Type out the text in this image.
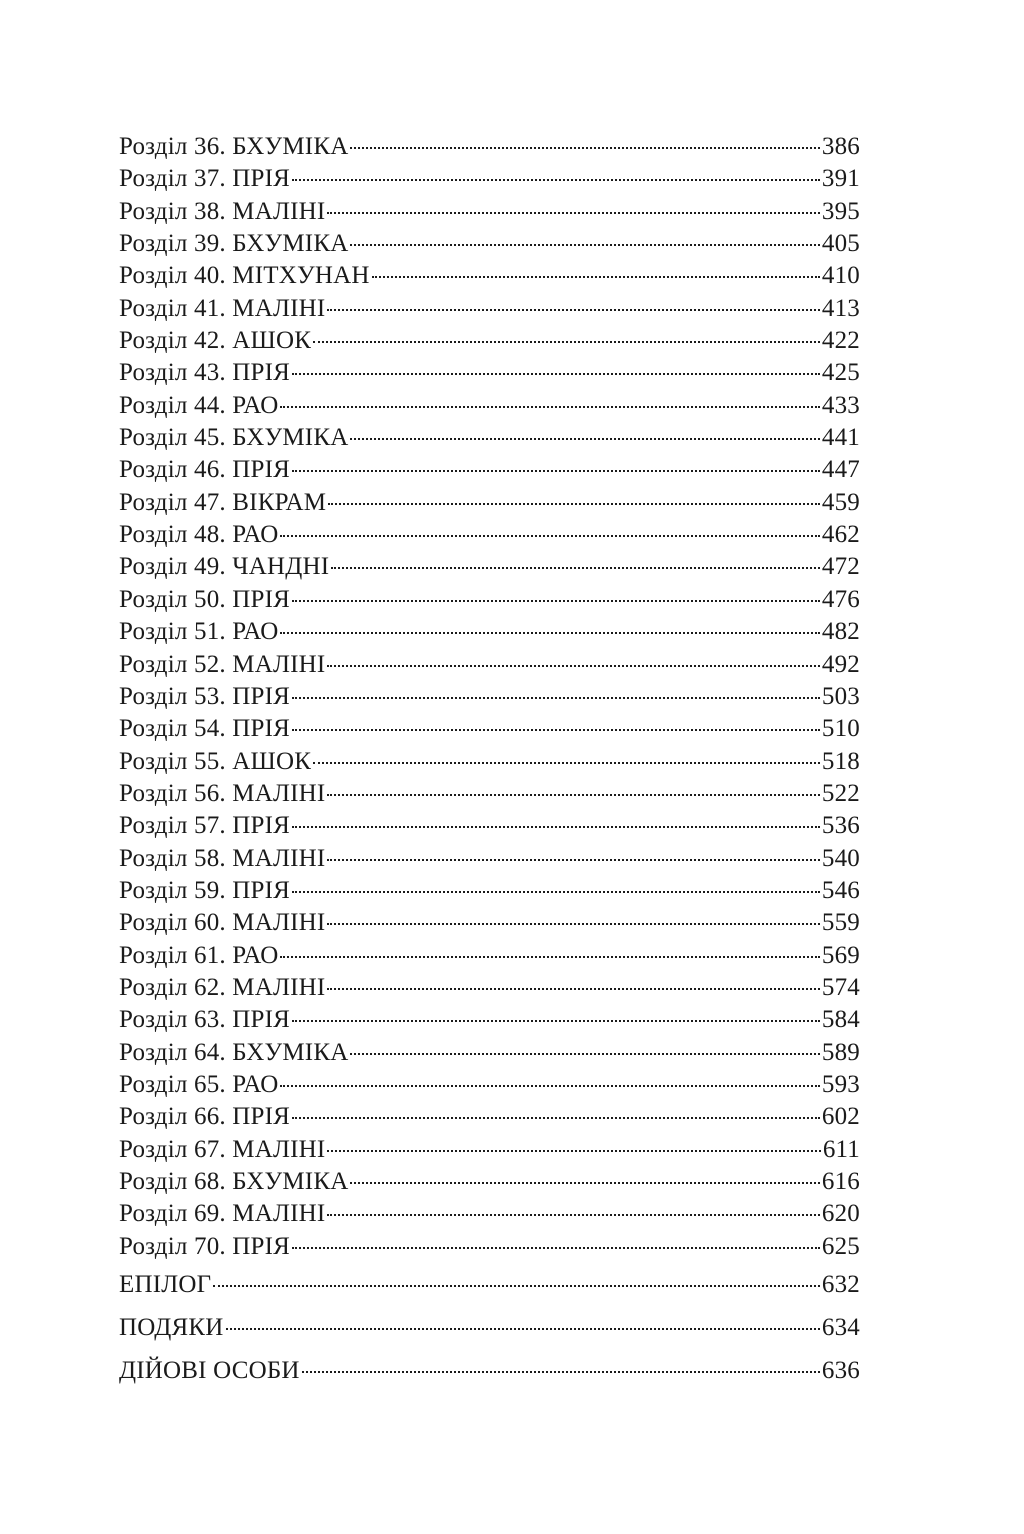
Розділ 36. БХУМІКА	386
Розділ 37. ПРІЯ	391
Розділ 38. МАЛІНІ	395
Розділ 39. БХУМІКА	405
Розділ 40. МІТХУНАН	410
Розділ 41. МАЛІНІ	413
Розділ 42. АШОК	422
Розділ 43. ПРІЯ	425
Розділ 44. РАО	433
Розділ 45. БХУМІКА	441
Розділ 46. ПРІЯ	447
Розділ 47. ВІКРАМ	459
Розділ 48. РАО	462
Розділ 49. ЧАНДНІ	472
Розділ 50. ПРІЯ	476
Розділ 51. РАО	482
Розділ 52. МАЛІНІ	492
Розділ 53. ПРІЯ	503
Розділ 54. ПРІЯ	510
Розділ 55. АШОК	518
Розділ 56. МАЛІНІ	522
Розділ 57. ПРІЯ	536
Розділ 58. МАЛІНІ	540
Розділ 59. ПРІЯ	546
Розділ 60. МАЛІНІ	559
Розділ 61. РАО	569
Розділ 62. МАЛІНІ	574
Розділ 63. ПРІЯ	584
Розділ 64. БХУМІКА	589
Розділ 65. РАО	593
Розділ 66. ПРІЯ	602
Розділ 67. МАЛІНІ	611
Розділ 68. БХУМІКА	616
Розділ 69. МАЛІНІ	620
Розділ 70. ПРІЯ	625
ЕПІЛОГ	632
ПОДЯКИ	634
ДІЙОВІ ОСОБИ	636
